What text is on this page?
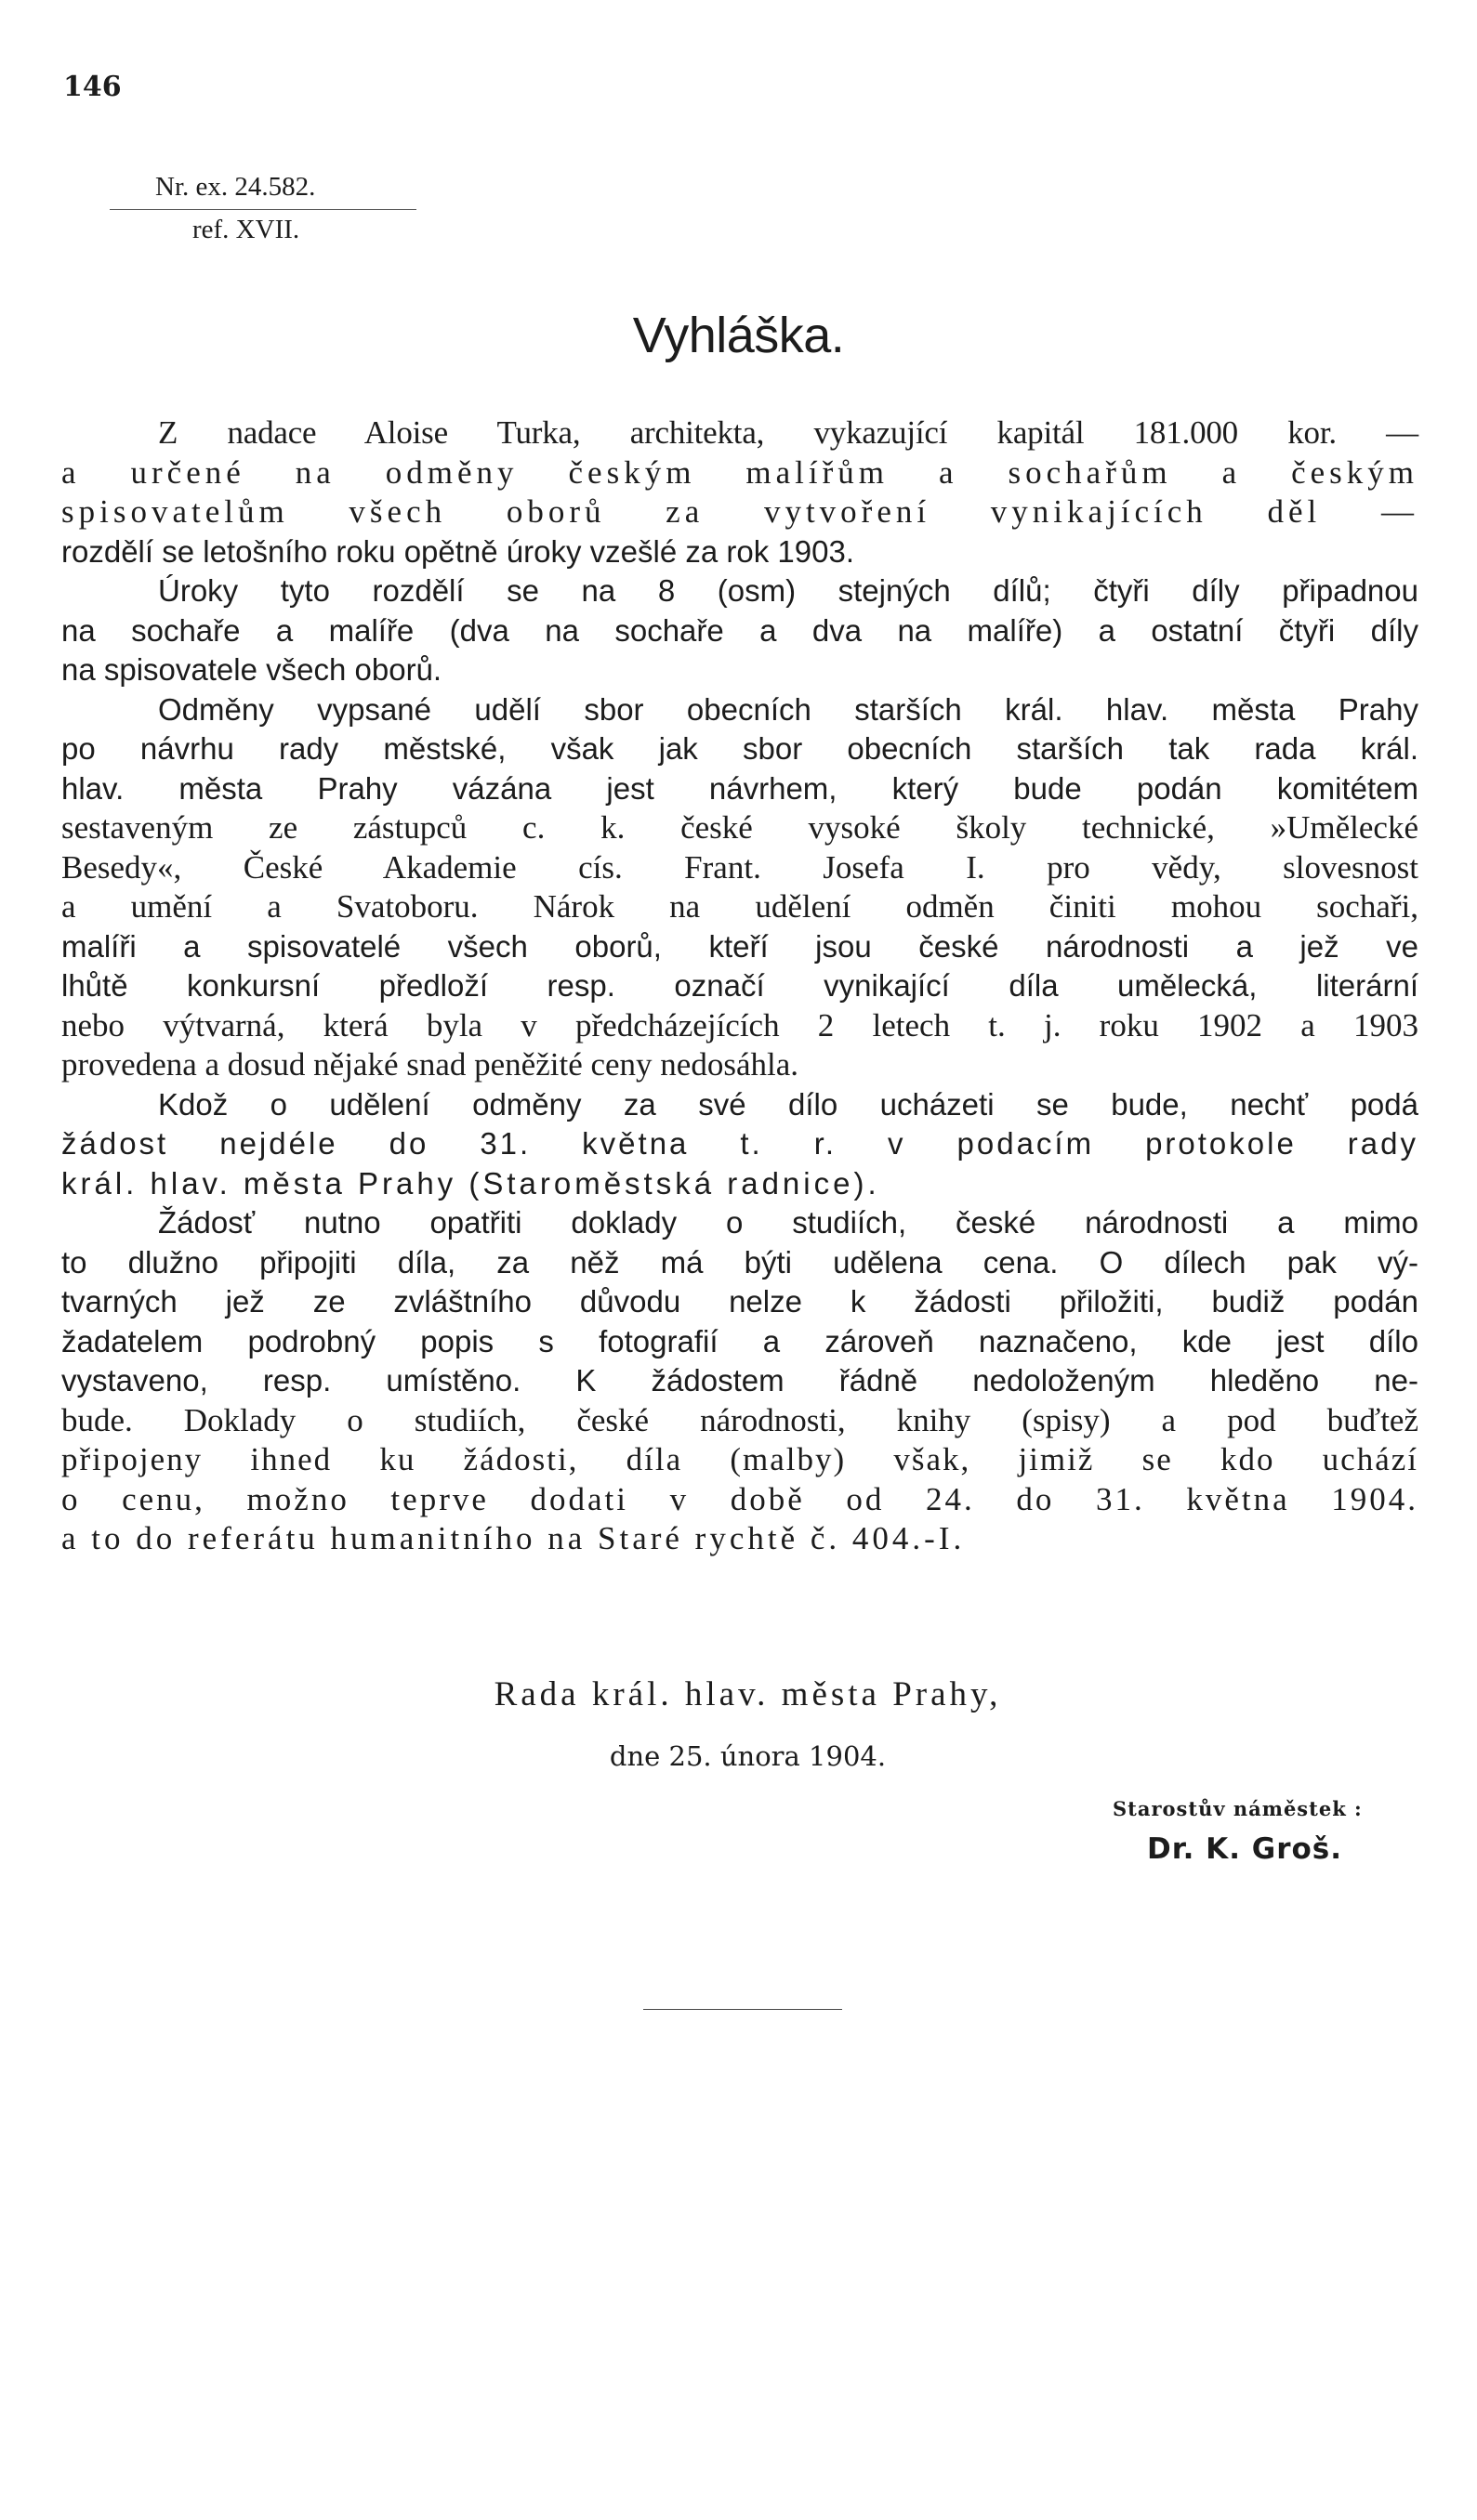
146
Nr. ex. 24.582.
ref. XVII.
Vyhláška.
Z nadace Aloise Turka, architekta, vykazující kapitál 181.000 kor. —
a určené na odměny českým malířům a sochařům a českým
spisovatelům všech oborů za vytvoření vynikajících děl —
rozdělí se letošního roku opětně úroky vzešlé za rok 1903.
Úroky tyto rozdělí se na 8 (osm) stejných dílů; čtyři díly připadnou
na sochaře a malíře (dva na sochaře a dva na malíře) a ostatní čtyři díly
na spisovatele všech oborů.
Odměny vypsané udělí sbor obecních starších král. hlav. města Prahy
po návrhu rady městské, však jak sbor obecních starších tak rada král.
hlav. města Prahy vázána jest návrhem, který bude podán komitétem
sestaveným ze zástupců c. k. české vysoké školy technické, »Umělecké
Besedy«, České Akademie cís. Frant. Josefa I. pro vědy, slovesnost
a umění a Svatoboru. Nárok na udělení odměn činiti mohou sochaři,
malíři a spisovatelé všech oborů, kteří jsou české národnosti a jež ve
lhůtě konkursní předloží resp. označí vynikající díla umělecká, literární
nebo výtvarná, která byla v předcházejících 2 letech t. j. roku 1902 a 1903
provedena a dosud nějaké snad peněžité ceny nedosáhla.
Kdož o udělení odměny za své dílo ucházeti se bude, nechť podá
žádost nejdéle do 31. května t. r. v podacím protokole rady
král. hlav. města Prahy (Staroměstská radnice).
Žádosť nutno opatřiti doklady o studiích, české národnosti a mimo
to dlužno připojiti díla, za něž má býti udělena cena. O dílech pak vý-
tvarných jež ze zvláštního důvodu nelze k žádosti přiložiti, budiž podán
žadatelem podrobný popis s fotografií a zároveň naznačeno, kde jest dílo
vystaveno, resp. umístěno. K žádostem řádně nedoloženým hleděno ne-
bude. Doklady o studiích, české národnosti, knihy (spisy) a pod buďtež
připojeny ihned ku žádosti, díla (malby) však, jimiž se kdo uchází
o cenu, možno teprve dodati v době od 24. do 31. května 1904.
a to do referátu humanitního na Staré rychtě č. 404.-I.
Rada král. hlav. města Prahy,
dne 25. února 1904.
Starostův náměstek :
Dr. K. Groš.
